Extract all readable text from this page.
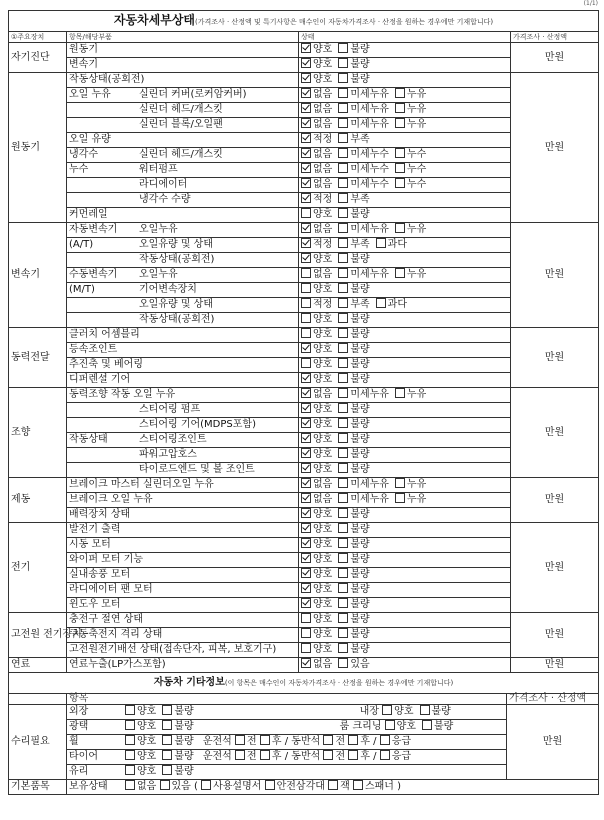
(1/1)
자동차세부상태(가격조사 · 산정액 및 특기사항은 매수인이 자동차가격조사 · 산정을 원하는 경우에만 기재합니다)			
①주요장치	항목/해당부품	상태	가격조사 · 산정액
자기진단	원동기	양호 불량	만원
	변속기	양호 불량	
원동기	작동상태(공회전)	양호 불량	만원
	오일 누유 실린더 커버(로커암커버)	없음 미세누유 누유	
	실린더 헤드/개스킷	없음 미세누유 누유	
	실린더 블록/오일팬	없음 미세누유 누유	
	오일 유량	적정 부족	
	냉각수 실린더 헤드/개스킷	없음 미세누수 누수	
	누수 워터펌프	없음 미세누수 누수	
	라디에이터	없음 미세누수 누수	
	냉각수 수량	적정 부족	
	커먼레일	양호 불량	
변속기	자동변속기 오일누유	없음 미세누유 누유	만원
	(A/T) 오일유량 및 상태	적정 부족 과다	
	작동상태(공회전)	양호 불량	
	수동변속기 오일누유	없음 미세누유 누유	
	(M/T) 기어변속장치	양호 불량	
	오일유량 및 상태	적정 부족 과다	
	작동상태(공회전)	양호 불량	
동력전달	클러치 어셈블리	양호 불량	만원
	등속조인트	양호 불량	
	추진축 및 베어링	양호 불량	
	디퍼렌셜 기어	양호 불량	
조향	동력조향 작동 오일 누유	없음 미세누유 누유	만원
	스티어링 펌프	양호 불량	
	스티어링 기어(MDPS포함)	양호 불량	
	작동상태 스티어링조인트	양호 불량	
	파워고압호스	양호 불량	
	타이로드엔드 및 볼 조인트	양호 불량	
제동	브레이크 마스터 실린더오일 누유	없음 미세누유 누유	만원
	브레이크 오일 누유	없음 미세누유 누유	
	배력장치 상태	양호 불량	
전기	발전기 출력	양호 불량	만원
	시동 모터	양호 불량	
	와이퍼 모터 기능	양호 불량	
	실내송풍 모터	양호 불량	
	라디에이터 팬 모터	양호 불량	
	윈도우 모터	양호 불량	
고전원 전기장치	충전구 절연 상태	양호 불량	만원
	구동축전지 격리 상태	양호 불량	
	고전원전기배선 상태(접속단자, 피복, 보호기구)	양호 불량	
연료	연료누출(LP가스포함)	없음 있음	만원
자동차 기타정보(이 항목은 매수인이 자동차가격조사 · 산정을 원하는 경우에만 기재합니다)		
	항목	가격조사 · 산정액
수리필요	외장 양호 불량 내장 양호 불량	만원
	광택 양호 불량 룸 크리닝 양호 불량	
	휠 양호 불량 운전석 전 후 / 동반석 전 후 / 응급	
	타이어 양호 불량 운전석 전 후 / 동반석 전 후 / 응급	
	유리 양호 불량	
기본품목	보유상태 없음 있음 ( 사용설명서 안전삼각대 잭 스패너 )	
